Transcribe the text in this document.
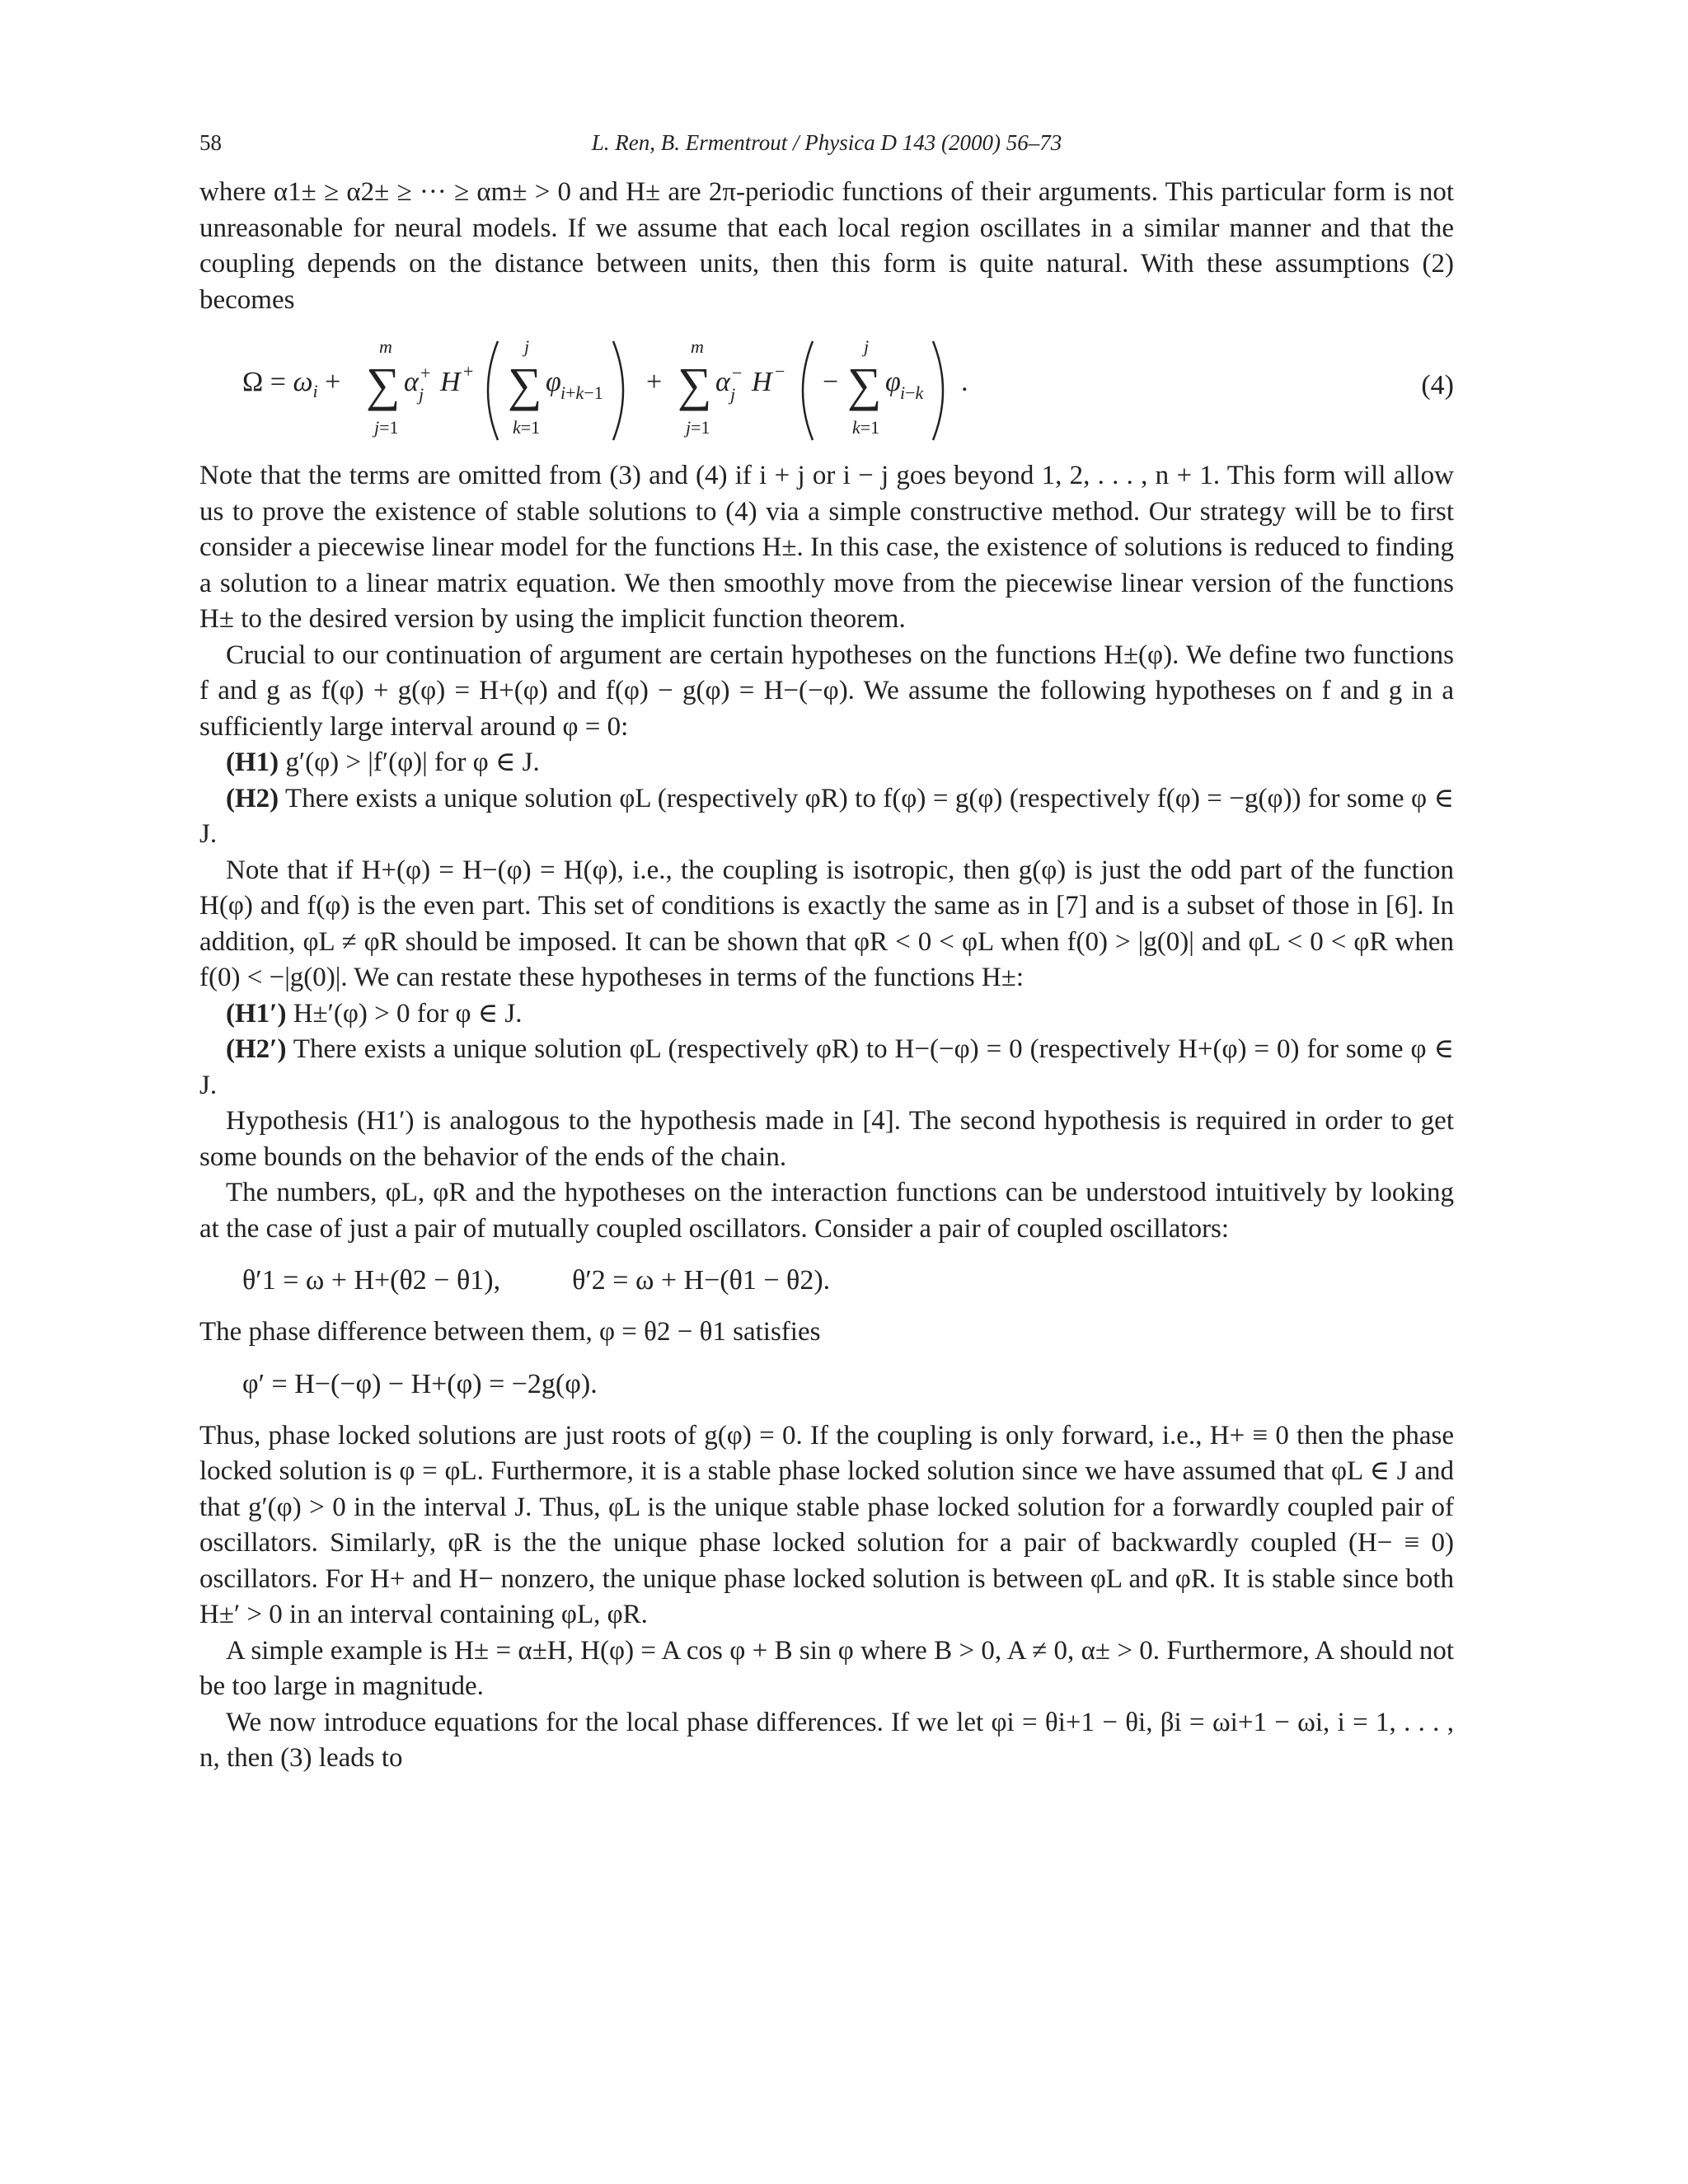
58	L. Ren, B. Ermentrout / Physica D 143 (2000) 56–73

where α1± ≥ α2± ≥ ··· ≥ αm± > 0 and H± are 2π-periodic functions of their arguments. This particular form is not unreasonable for neural models. If we assume that each local region oscillates in a similar manner and that the coupling depends on the distance between units, then this form is quite natural. With these assumptions (2) becomes

$\Omega = \omega_i$ +
m
∑
j=1
α +
j H +
j
∑
k=1
φ i+k−1 +
m
∑
j=1
α −
j H − −
j
∑
k=1
φ i−k .	(4)

Note that the terms are omitted from (3) and (4) if i + j or i − j goes beyond 1, 2, . . . , n + 1. This form will allow us to prove the existence of stable solutions to (4) via a simple constructive method. Our strategy will be to first consider a piecewise linear model for the functions H±. In this case, the existence of solutions is reduced to finding a solution to a linear matrix equation. We then smoothly move from the piecewise linear version of the functions H± to the desired version by using the implicit function theorem.

Crucial to our continuation of argument are certain hypotheses on the functions H±(φ). We define two functions f and g as f(φ) + g(φ) = H+(φ) and f(φ) − g(φ) = H−(−φ). We assume the following hypotheses on f and g in a sufficiently large interval around φ = 0:

(H1) g′(φ) > |f′(φ)| for φ ∈ J.

(H2) There exists a unique solution φL (respectively φR) to f(φ) = g(φ) (respectively f(φ) = −g(φ)) for some φ ∈ J.

Note that if H+(φ) = H−(φ) = H(φ), i.e., the coupling is isotropic, then g(φ) is just the odd part of the function H(φ) and f(φ) is the even part. This set of conditions is exactly the same as in [7] and is a subset of those in [6]. In addition, φL ≠ φR should be imposed. It can be shown that φR < 0 < φL when f(0) > |g(0)| and φL < 0 < φR when f(0) < −|g(0)|. We can restate these hypotheses in terms of the functions H±:

(H1′) H±′(φ) > 0 for φ ∈ J.

(H2′) There exists a unique solution φL (respectively φR) to H−(−φ) = 0 (respectively H+(φ) = 0) for some φ ∈ J.

Hypothesis (H1′) is analogous to the hypothesis made in [4]. The second hypothesis is required in order to get some bounds on the behavior of the ends of the chain.

The numbers, φL, φR and the hypotheses on the interaction functions can be understood intuitively by looking at the case of just a pair of mutually coupled oscillators. Consider a pair of coupled oscillators:

θ′1 = ω + H+(θ2 − θ1),	θ′2 = ω + H−(θ1 − θ2).

The phase difference between them, φ = θ2 − θ1 satisfies

φ′ = H−(−φ) − H+(φ) = −2g(φ).

Thus, phase locked solutions are just roots of g(φ) = 0. If the coupling is only forward, i.e., H+ ≡ 0 then the phase locked solution is φ = φL. Furthermore, it is a stable phase locked solution since we have assumed that φL ∈ J and that g′(φ) > 0 in the interval J. Thus, φL is the unique stable phase locked solution for a forwardly coupled pair of oscillators. Similarly, φR is the the unique phase locked solution for a pair of backwardly coupled (H− ≡ 0) oscillators. For H+ and H− nonzero, the unique phase locked solution is between φL and φR. It is stable since both H±′ > 0 in an interval containing φL, φR.

A simple example is H± = α±H, H(φ) = A cos φ + B sin φ where B > 0, A ≠ 0, α± > 0. Furthermore, A should not be too large in magnitude.

We now introduce equations for the local phase differences. If we let φi = θi+1 − θi, βi = ωi+1 − ωi, i = 1, . . . , n, then (3) leads to
